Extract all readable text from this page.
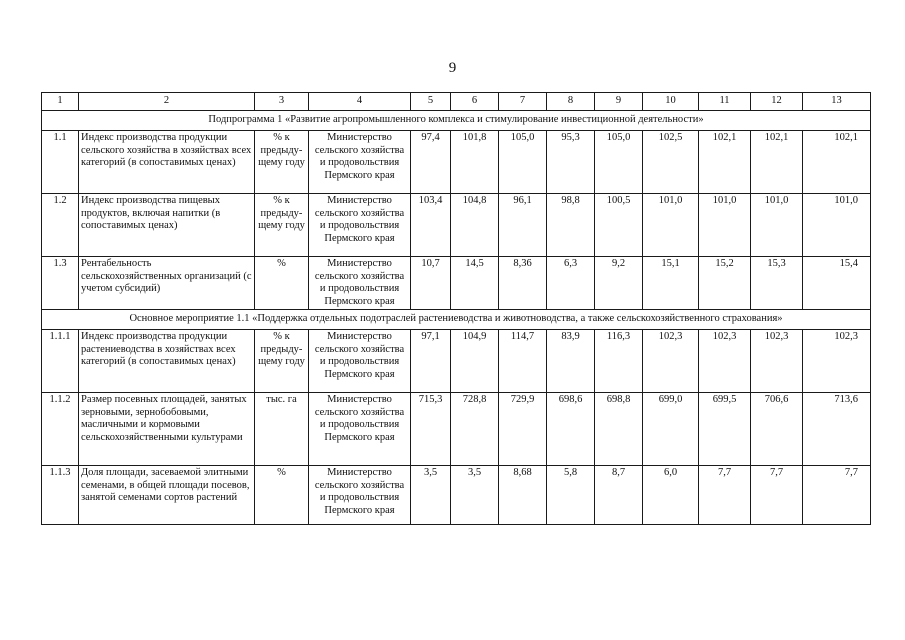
9
1	2	3	4	5	6	7	8	9	10	11	12	13
Подпрограмма 1 «Развитие агропромышленного комплекса и стимулирование инвестиционной деятельности»												
1.1	Индекс производства продукции сельского хозяйства в хозяйствах всех категорий (в сопоставимых ценах)	% к предыду-щему году	Министерство сельского хозяйства и продовольствия Пермского края	97,4	101,8	105,0	95,3	105,0	102,5	102,1	102,1	102,1
1.2	Индекс производства пищевых продуктов, включая напитки (в сопоставимых ценах)	% к предыду-щему году	Министерство сельского хозяйства и продовольствия Пермского края	103,4	104,8	96,1	98,8	100,5	101,0	101,0	101,0	101,0
1.3	Рентабельность сельскохозяйственных организаций (с учетом субсидий)	%	Министерство сельского хозяйства и продовольствия Пермского края	10,7	14,5	8,36	6,3	9,2	15,1	15,2	15,3	15,4
Основное мероприятие 1.1 «Поддержка отдельных подотраслей растениеводства и животноводства, а также сельскохозяйственного страхования»												
1.1.1	Индекс производства продукции растениеводства в хозяйствах всех категорий (в сопоставимых ценах)	% к предыду-щему году	Министерство сельского хозяйства и продовольствия Пермского края	97,1	104,9	114,7	83,9	116,3	102,3	102,3	102,3	102,3
1.1.2	Размер посевных площадей, занятых зерновыми, зернобобовыми, масличными и кормовыми сельскохозяйственными культурами	тыс. га	Министерство сельского хозяйства и продовольствия Пермского края	715,3	728,8	729,9	698,6	698,8	699,0	699,5	706,6	713,6
1.1.3	Доля площади, засеваемой элитными семенами, в общей площади посевов, занятой семенами сортов растений	%	Министерство сельского хозяйства и продовольствия Пермского края	3,5	3,5	8,68	5,8	8,7	6,0	7,7	7,7	7,7
